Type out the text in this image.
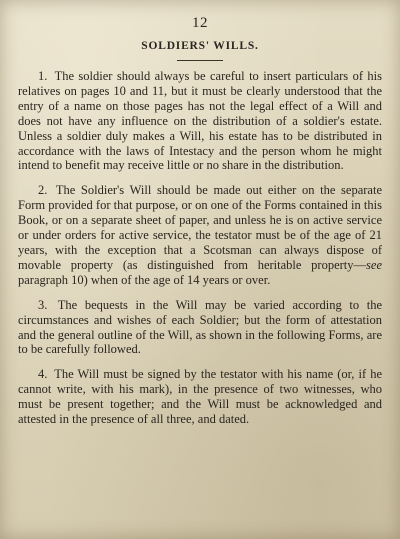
12
SOLDIERS' WILLS.

1. The soldier should always be careful to insert particulars of his relatives on pages 10 and 11, but it must be clearly understood that the entry of a name on those pages has not the legal effect of a Will and does not have any influence on the distribution of a soldier's estate. Unless a soldier duly makes a Will, his estate has to be distributed in accordance with the laws of Intestacy and the person whom he might intend to benefit may receive little or no share in the distribution.

2. The Soldier's Will should be made out either on the separate Form provided for that purpose, or on one of the Forms contained in this Book, or on a separate sheet of paper, and unless he is on active service or under orders for active service, the testator must be of the age of 21 years, with the exception that a Scotsman can always dispose of movable property (as distinguished from heritable property—see paragraph 10) when of the age of 14 years or over.

3. The bequests in the Will may be varied according to the circumstances and wishes of each Soldier; but the form of attestation and the general outline of the Will, as shown in the following Forms, are to be carefully followed.

4. The Will must be signed by the testator with his name (or, if he cannot write, with his mark), in the presence of two witnesses, who must be present together; and the Will must be acknowledged and attested in the presence of all three, and dated.
